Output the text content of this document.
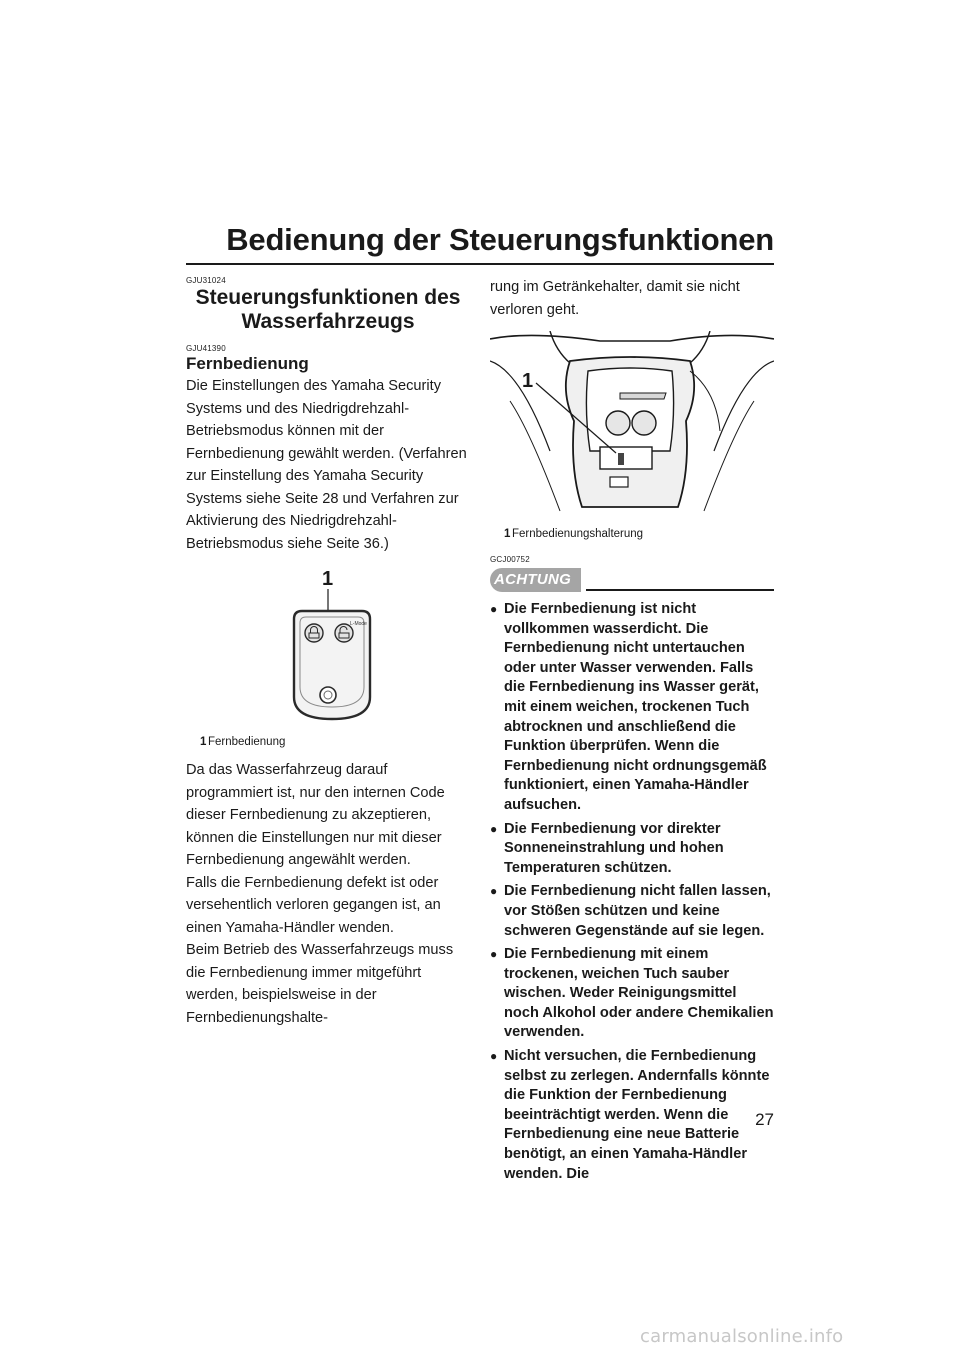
Bedienung der Steuerungsfunktionen
GJU31024
Steuerungsfunktionen des Wasserfahrzeugs
GJU41390
Fernbedienung

Die Einstellungen des Yamaha Security Systems und des Niedrigdrehzahl-Betriebsmodus können mit der Fernbedienung gewählt werden. (Verfahren zur Einstellung des Yamaha Security Systems siehe Seite 28 und Verfahren zur Aktivierung des Niedrigdrehzahl-Betriebsmodus siehe Seite 36.)

1
L-Mode
1 Fernbedienung

Da das Wasserfahrzeug darauf programmiert ist, nur den internen Code dieser Fernbedienung zu akzeptieren, können die Einstellungen nur mit dieser Fernbedienung angewählt werden.

Falls die Fernbedienung defekt ist oder versehentlich verloren gegangen ist, an einen Yamaha-Händler wenden.

Beim Betrieb des Wasserfahrzeugs muss die Fernbedienung immer mitgeführt werden, beispielsweise in der Fernbedienungshalte-

rung im Getränkehalter, damit sie nicht verloren geht.

1
1 Fernbedienungshalterung
GCJ00752
ACHTUNG
● Die Fernbedienung ist nicht vollkommen wasserdicht. Die Fernbedienung nicht untertauchen oder unter Wasser verwenden. Falls die Fernbedienung ins Wasser gerät, mit einem weichen, trockenen Tuch abtrocknen und anschließend die Funktion überprüfen. Wenn die Fernbedienung nicht ordnungsgemäß funktioniert, einen Yamaha-Händler aufsuchen.
● Die Fernbedienung vor direkter Sonneneinstrahlung und hohen Temperaturen schützen.
● Die Fernbedienung nicht fallen lassen, vor Stößen schützen und keine schweren Gegenstände auf sie legen.
● Die Fernbedienung mit einem trockenen, weichen Tuch sauber wischen. Weder Reinigungsmittel noch Alkohol oder andere Chemikalien verwenden.
● Nicht versuchen, die Fernbedienung selbst zu zerlegen. Andernfalls könnte die Funktion der Fernbedienung beeinträchtigt werden. Wenn die Fernbedienung eine neue Batterie benötigt, an einen Yamaha-Händler wenden. Die
27
carmanualsonline.info
